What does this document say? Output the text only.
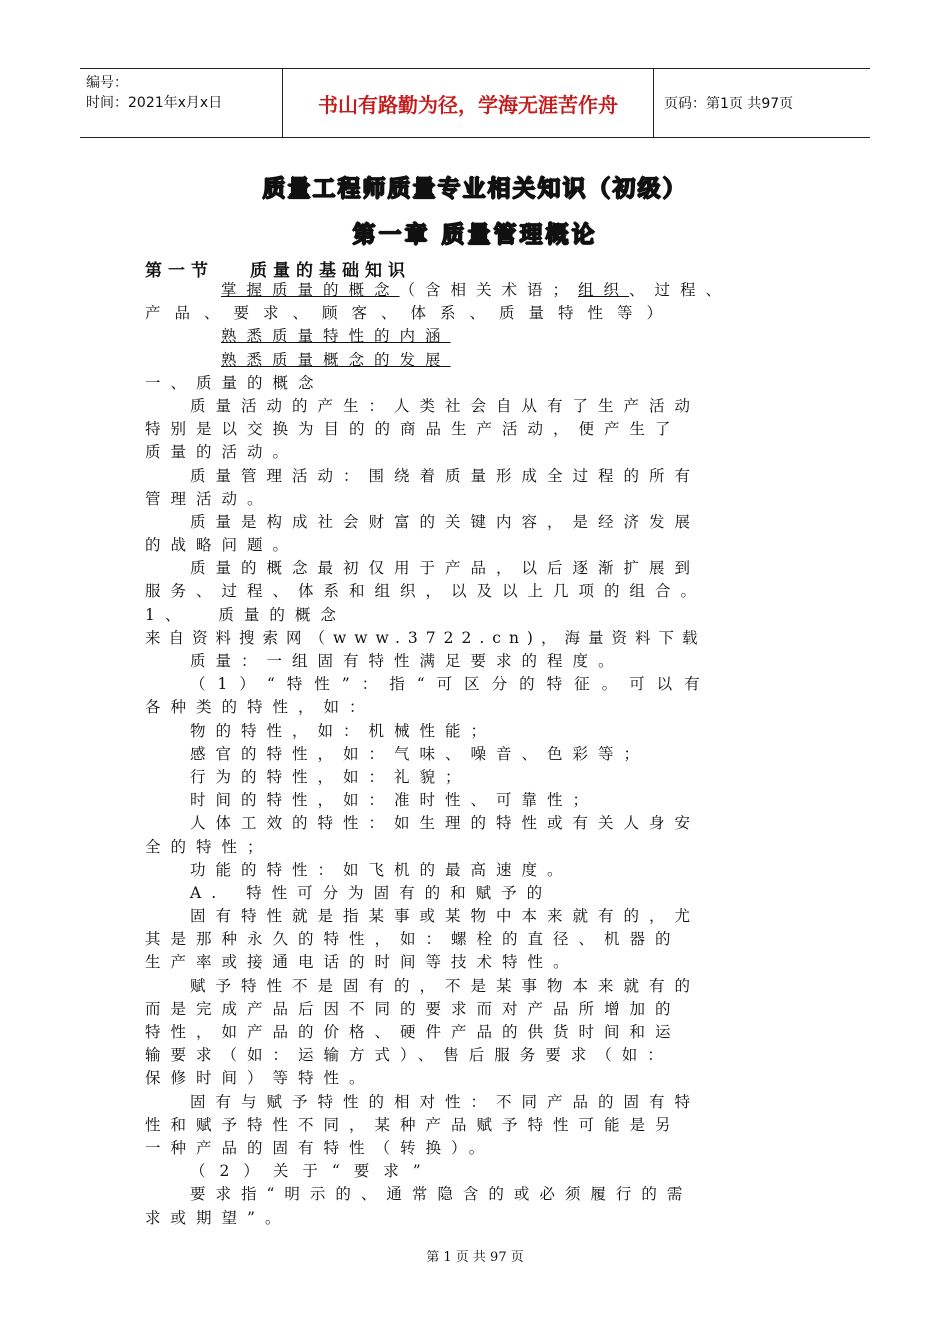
编号：
时间：2021年x月x日	书山有路勤为径，学海无涯苦作舟	页码：第1页 共97页
质量工程师质量专业相关知识（初级）
第一章 质量管理概论
第一节 质量的基础知识
掌握质量的概念（含相关术语；组织、过程、
产品、要求、顾客、体系、质量特性等）
熟悉质量特性的内涵
熟悉质量概念的发展
一、质量的概念
质量活动的产生：人类社会自从有了生产活动
特别是以交换为目的的商品生产活动，便产生了
质量的活动。
质量管理活动：围绕着质量形成全过程的所有
管理活动。
质量是构成社会财富的关键内容，是经济发展
的战略问题。
质量的概念最初仅用于产品，以后逐渐扩展到
服务、过程、体系和组织，以及以上几项的组合。
1、 质量的概念
来自资料搜索网（www.3722.cn)，海量资料下载
质量：一组固有特性满足要求的程度。
（1）“特性”：指“可区分的特征。可以有
各种类的特性，如：
物的特性，如：机械性能；
感官的特性，如：气味、噪音、色彩等；
行为的特性，如：礼貌；
时间的特性，如：准时性、可靠性；
人体工效的特性：如生理的特性或有关人身安
全的特性；
功能的特性：如飞机的最高速度。
A. 特性可分为固有的和赋予的
固有特性就是指某事或某物中本来就有的，尤
其是那种永久的特性，如：螺栓的直径、机器的
生产率或接通电话的时间等技术特性。
赋予特性不是固有的，不是某事物本来就有的
而是完成产品后因不同的要求而对产品所增加的
特性，如产品的价格、硬件产品的供货时间和运
输要求（如：运输方式）、售后服务要求（如：
保修时间）等特性。
固有与赋予特性的相对性：不同产品的固有特
性和赋予特性不同，某种产品赋予特性可能是另
一种产品的固有特性（转换）。
（2）关于“要求”
要求指“明示的、通常隐含的或必须履行的需
求或期望”。
第 1 页 共 97 页
